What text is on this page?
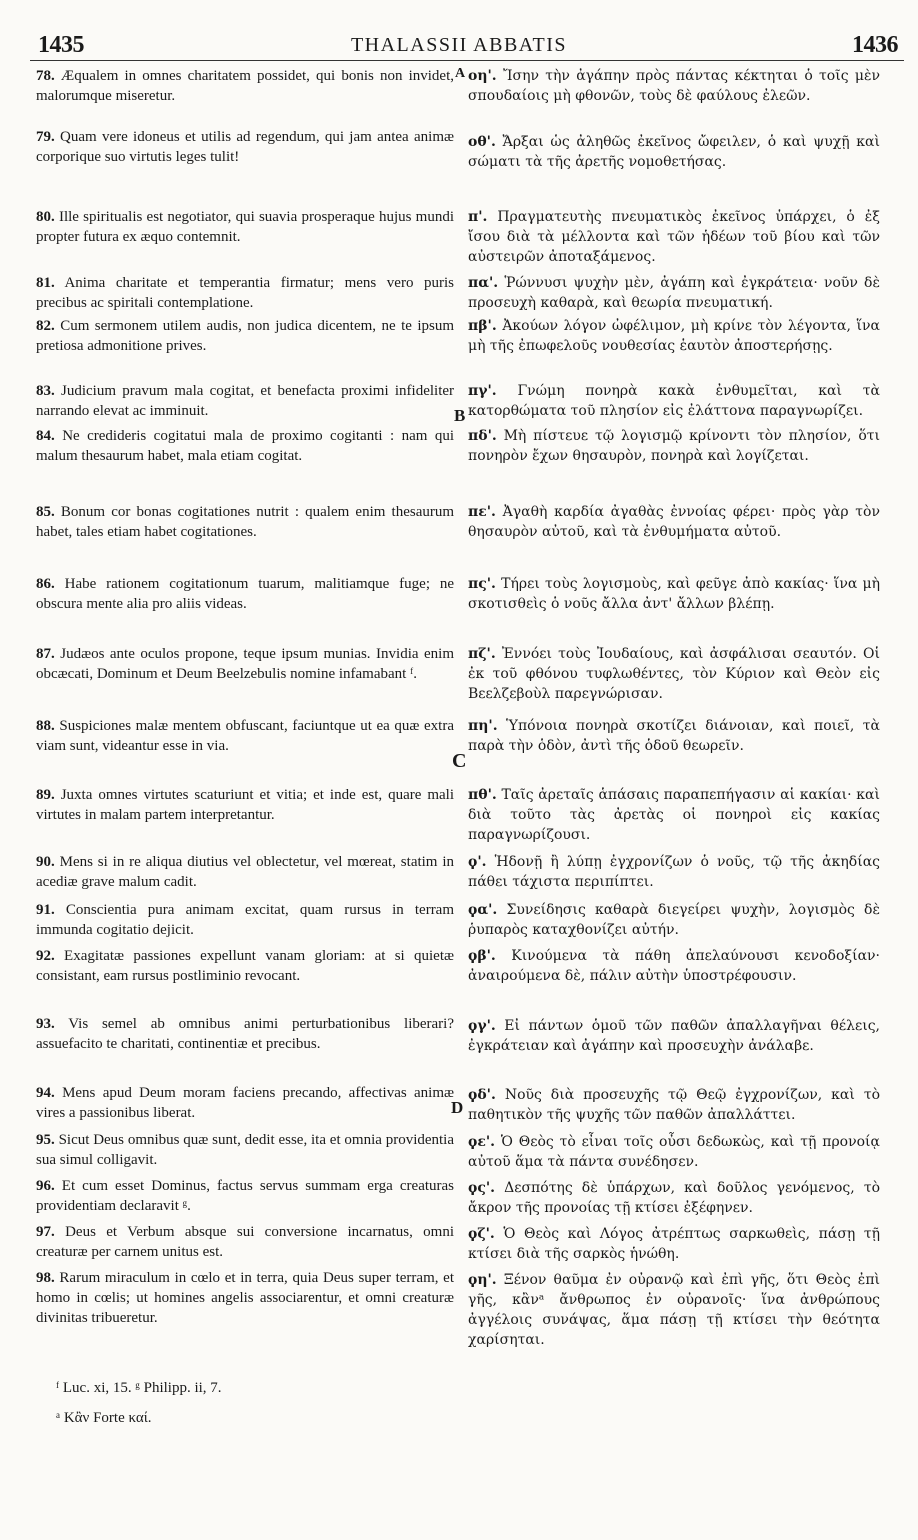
1435	THALASSII ABBATIS	1436
78. Æqualem in omnes charitatem possidet, qui bonis non invidet, malorumque miseretur.
79. Quam vere idoneus et utilis ad regendum, qui jam antea animæ corporique suo virtutis leges tulit!
80. Ille spiritualis est negotiator, qui suavia prosperaque hujus mundi propter futura ex æquo contemnit.
81. Anima charitate et temperantia firmatur; mens vero puris precibus ac spiritali contemplatione.
82. Cum sermonem utilem audis, non judica dicentem, ne te ipsum pretiosa admonitione prives.
83. Judicium pravum mala cogitat, et benefacta proximi infideliter narrando elevat ac imminuit.
84. Ne credideris cogitatui mala de proximo cogitanti : nam qui malum thesaurum habet, mala etiam cogitat.
85. Bonum cor bonas cogitationes nutrit : qualem enim thesaurum habet, tales etiam habet cogitationes.
86. Habe rationem cogitationum tuarum, malitiamque fuge; ne obscura mente alia pro aliis videas.
87. Judæos ante oculos propone, teque ipsum munias. Invidia enim obcæcati, Dominum et Deum Beelzebulis nomine infamabant ᶠ.
88. Suspiciones malæ mentem obfuscant, faciuntque ut ea quæ extra viam sunt, videantur esse in via.
89. Juxta omnes virtutes scaturiunt et vitia; et inde est, quare mali virtutes in malam partem interpretantur.
90. Mens si in re aliqua diutius vel oblectetur, vel mœreat, statim in acediæ grave malum cadit.
91. Conscientia pura animam excitat, quam rursus in terram immunda cogitatio dejicit.
92. Exagitatæ passiones expellunt vanam gloriam: at si quietæ consistant, eam rursus postliminio revocant.
93. Vis semel ab omnibus animi perturbationibus liberari? assuefacito te charitati, continentiæ et precibus.
94. Mens apud Deum moram faciens precando, affectivas animæ vires a passionibus liberat.
95. Sicut Deus omnibus quæ sunt, dedit esse, ita et omnia providentia sua simul colligavit.
96. Et cum esset Dominus, factus servus summam erga creaturas providentiam declaravit ᵍ.
97. Deus et Verbum absque sui conversione incarnatus, omni creaturæ per carnem unitus est.
98. Rarum miraculum in cœlo et in terra, quia Deus super terram, et homo in cœlis; ut homines angelis associarentur, et omni creaturæ divinitas tribueretur.
οη'. Ἴσην τὴν ἀγάπην πρὸς πάντας κέκτηται ὁ τοῖς μὲν σπουδαίοις μὴ φθονῶν, τοὺς δὲ φαύλους ἐλεῶν.
οθ'. Ἄρξαι ὡς ἀληθῶς ἐκεῖνος ὤφειλεν, ὁ καὶ ψυχῇ καὶ σώματι τὰ τῆς ἀρετῆς νομοθετήσας.
π'. Πραγματευτὴς πνευματικὸς ἐκεῖνος ὑπάρχει, ὁ ἐξ ἴσου διὰ τὰ μέλλοντα καὶ τῶν ἡδέων τοῦ βίου καὶ τῶν αὐστειρῶν ἀποταξάμενος.
πα'. Ῥώννυσι ψυχὴν μὲν, ἀγάπη καὶ ἐγκράτεια· νοῦν δὲ προσευχὴ καθαρὰ, καὶ θεωρία πνευματική.
πβ'. Ἀκούων λόγον ὠφέλιμον, μὴ κρίνε τὸν λέγοντα, ἵνα μὴ τῆς ἐπωφελοῦς νουθεσίας ἑαυτὸν ἀποστερήσῃς.
πγ'. Γνώμη πονηρὰ κακὰ ἐνθυμεῖται, καὶ τὰ κατορθώματα τοῦ πλησίον εἰς ἐλάττονα παραγνωρίζει.
πδ'. Μὴ πίστευε τῷ λογισμῷ κρίνοντι τὸν πλησίον, ὅτι πονηρὸν ἔχων θησαυρὸν, πονηρὰ καὶ λογίζεται.
πε'. Ἀγαθὴ καρδία ἀγαθὰς ἐννοίας φέρει· πρὸς γὰρ τὸν θησαυρὸν αὐτοῦ, καὶ τὰ ἐνθυμήματα αὐτοῦ.
πς'. Τήρει τοὺς λογισμοὺς, καὶ φεῦγε ἀπὸ κακίας· ἵνα μὴ σκοτισθεὶς ὁ νοῦς ἄλλα ἀντ' ἄλλων βλέπῃ.
πζ'. Ἐννόει τοὺς Ἰουδαίους, καὶ ἀσφάλισαι σεαυτόν. Οἱ ἐκ τοῦ φθόνου τυφλωθέντες, τὸν Κύριον καὶ Θεὸν εἰς Βεελζεβοὺλ παρεγνώρισαν.
πη'. Ὑπόνοια πονηρὰ σκοτίζει διάνοιαν, καὶ ποιεῖ, τὰ παρὰ τὴν ὁδὸν, ἀντὶ τῆς ὁδοῦ θεωρεῖν.
πθ'. Ταῖς ἀρεταῖς ἁπάσαις παραπεπήγασιν αἱ κακίαι· καὶ διὰ τοῦτο τὰς ἀρετὰς οἱ πονηροὶ εἰς κακίας παραγνωρίζουσι.
ϙ'. Ἡδονῇ ἢ λύπῃ ἐγχρονίζων ὁ νοῦς, τῷ τῆς ἀκηδίας πάθει τάχιστα περιπίπτει.
ϙα'. Συνείδησις καθαρὰ διεγείρει ψυχὴν, λογισμὸς δὲ ῥυπαρὸς καταχθονίζει αὐτήν.
ϙβ'. Κινούμενα τὰ πάθη ἀπελαύνουσι κενοδοξίαν· ἀναιρούμενα δὲ, πάλιν αὐτὴν ὑποστρέφουσιν.
ϙγ'. Εἰ πάντων ὁμοῦ τῶν παθῶν ἀπαλλαγῆναι θέλεις, ἐγκράτειαν καὶ ἀγάπην καὶ προσευχὴν ἀνάλαβε.
ϙδ'. Νοῦς διὰ προσευχῆς τῷ Θεῷ ἐγχρονίζων, καὶ τὸ παθητικὸν τῆς ψυχῆς τῶν παθῶν ἀπαλλάττει.
ϙε'. Ὁ Θεὸς τὸ εἶναι τοῖς οὖσι δεδωκὼς, καὶ τῇ προνοίᾳ αὐτοῦ ἅμα τὰ πάντα συνέδησεν.
ϙς'. Δεσπότης δὲ ὑπάρχων, καὶ δοῦλος γενόμενος, τὸ ἄκρον τῆς προνοίας τῇ κτίσει ἐξέφηνεν.
ϙζ'. Ὁ Θεὸς καὶ Λόγος ἀτρέπτως σαρκωθεὶς, πάσῃ τῇ κτίσει διὰ τῆς σαρκὸς ἡνώθη.
ϙη'. Ξένον θαῦμα ἐν οὐρανῷ καὶ ἐπὶ γῆς, ὅτι Θεὸς ἐπὶ γῆς, κἂνᵃ ἄνθρωπος ἐν οὐρανοῖς· ἵνα ἀνθρώπους ἀγγέλοις συνάψας, ἅμα πάσῃ τῇ κτίσει τὴν θεότητα χαρίσηται.
A
B
C
D
ᶠ Luc. xi, 15. ᵍ Philipp. ii, 7.
ᵃ Κἂν Forte καί.
